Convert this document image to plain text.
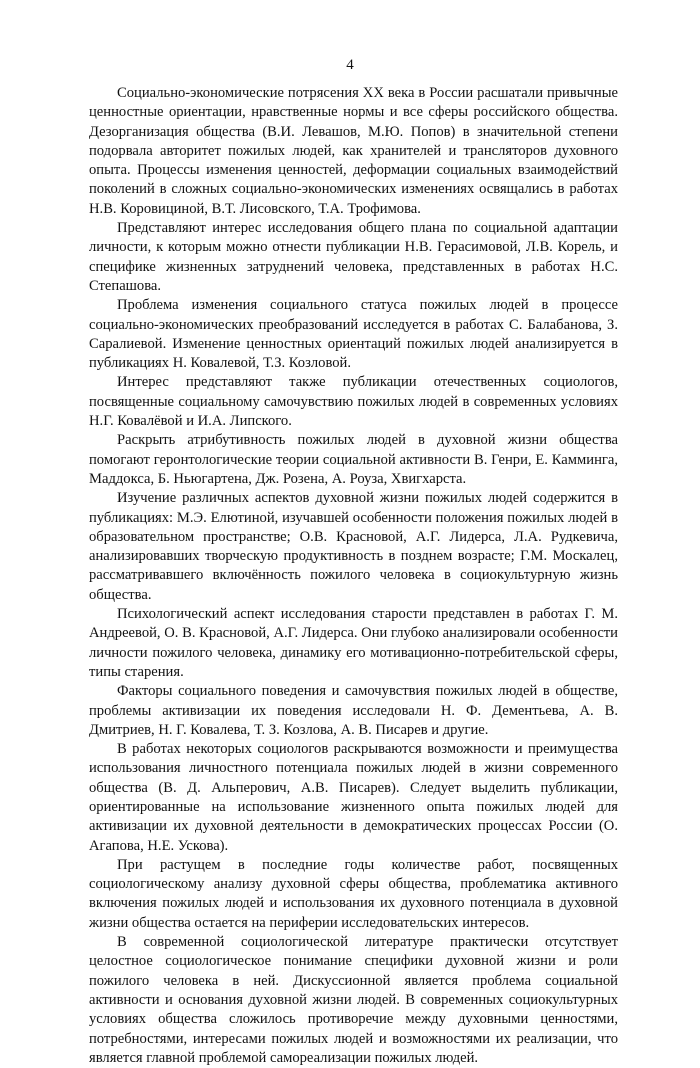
4

Социально-экономические потрясения XX века в России расшатали привычные ценностные ориентации, нравственные нормы и все сферы российского общества. Дезорганизация общества (В.И. Левашов, М.Ю. Попов) в значительной степени подорвала авторитет пожилых людей, как хранителей и трансляторов духовного опыта. Процессы изменения ценностей, деформации социальных взаимодействий поколений в сложных социально-экономических изменениях освящались в работах Н.В. Коровициной, В.Т. Лисовского, Т.А. Трофимова.

Представляют интерес исследования общего плана по социальной адаптации личности, к которым можно отнести публикации Н.В. Герасимовой, Л.В. Корель, и специфике жизненных затруднений человека, представленных в работах Н.С. Степашова.

Проблема изменения социального статуса пожилых людей в процессе социально-экономических преобразований исследуется в работах С. Балабанова, З. Саралиевой. Изменение ценностных ориентаций пожилых людей анализируется в публикациях Н. Ковалевой, Т.З. Козловой.

Интерес представляют также публикации отечественных социологов, посвященные социальному самочувствию пожилых людей в современных условиях Н.Г. Ковалёвой и И.А. Липского.

Раскрыть атрибутивность пожилых людей в духовной жизни общества помогают геронтологические теории социальной активности В. Генри, Е. Камминга, Маддокса, Б. Ньюгартена, Дж. Розена, А. Роуза, Хвигхарста.

Изучение различных аспектов духовной жизни пожилых людей содержится в публикациях: М.Э. Елютиной, изучавшей особенности положения пожилых людей в образовательном пространстве; О.В. Красновой, А.Г. Лидерса, Л.А. Рудкевича, анализировавших творческую продуктивность в позднем возрасте; Г.М. Москалец, рассматривавшего включённость пожилого человека в социокультурную жизнь общества.

Психологический аспект исследования старости представлен в работах Г. М. Андреевой, О. В. Красновой, А.Г. Лидерса. Они глубоко анализировали особенности личности пожилого человека, динамику его мотивационно-потребительской сферы, типы старения.

Факторы социального поведения и самочувствия пожилых людей в обществе, проблемы активизации их поведения исследовали Н. Ф. Дементьева, А. В. Дмитриев, Н. Г. Ковалева, Т. З. Козлова, А. В. Писарев и другие.

В работах некоторых социологов раскрываются возможности и преимущества использования личностного потенциала пожилых людей в жизни современного общества (В. Д. Альперович, А.В. Писарев). Следует выделить публикации, ориентированные на использование жизненного опыта пожилых людей для активизации их духовной деятельности в демократических процессах России (О. Агапова, Н.Е. Ускова).

При растущем в последние годы количестве работ, посвященных социологическому анализу духовной сферы общества, проблематика активного включения пожилых людей и использования их духовного потенциала в духовной жизни общества остается на периферии исследовательских интересов.

В современной социологической литературе практически отсутствует целостное социологическое понимание специфики духовной жизни и роли пожилого человека в ней. Дискуссионной является проблема социальной активности и основания духовной жизни людей. В современных социокультурных условиях общества сложилось противоречие между духовными ценностями, потребностями, интересами пожилых людей и возможностями их реализации, что является главной проблемой самореализации пожилых людей.
